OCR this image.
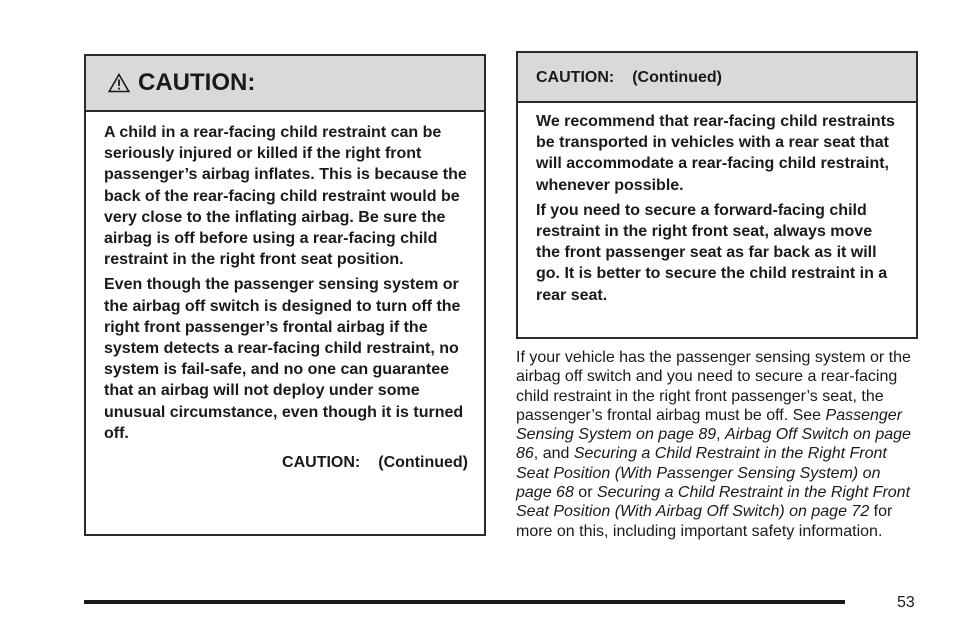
CAUTION:

A child in a rear-facing child restraint can be seriously injured or killed if the right front passenger’s airbag inflates. This is because the back of the rear-facing child restraint would be very close to the inflating airbag. Be sure the airbag is off before using a rear-facing child restraint in the right front seat position.

Even though the passenger sensing system or the airbag off switch is designed to turn off the right front passenger’s frontal airbag if the system detects a rear-facing child restraint, no system is fail-safe, and no one can guarantee that an airbag will not deploy under some unusual circumstance, even though it is turned off.

CAUTION: (Continued)
CAUTION: (Continued)

We recommend that rear-facing child restraints be transported in vehicles with a rear seat that will accommodate a rear-facing child restraint, whenever possible.

If you need to secure a forward-facing child restraint in the right front seat, always move the front passenger seat as far back as it will go. It is better to secure the child restraint in a rear seat.

If your vehicle has the passenger sensing system or the airbag off switch and you need to secure a rear-facing child restraint in the right front passenger’s seat, the passenger’s frontal airbag must be off. See Passenger Sensing System on page 89, Airbag Off Switch on page 86, and Securing a Child Restraint in the Right Front Seat Position (With Passenger Sensing System) on page 68 or Securing a Child Restraint in the Right Front Seat Position (With Airbag Off Switch) on page 72 for more on this, including important safety information.
53
